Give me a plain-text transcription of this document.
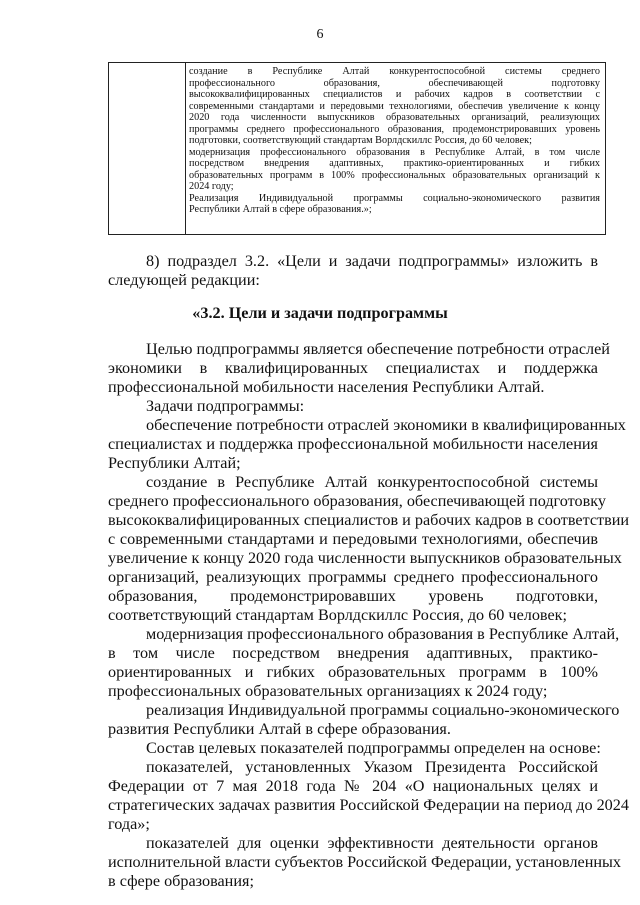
6
создание в Республике Алтай конкурентоспособной системы среднего
профессионального образования, обеспечивающей подготовку
высококвалифицированных специалистов и рабочих кадров в соответствии с
современными стандартами и передовыми технологиями, обеспечив увеличение к концу
2020 года численности выпускников образовательных организаций, реализующих
программы среднего профессионального образования, продемонстрировавших уровень
подготовки, соответствующий стандартам Ворлдскиллс Россия, до 60 человек;
модернизация профессионального образования в Республике Алтай, в том числе
посредством внедрения адаптивных, практико-ориентированных и гибких
образовательных программ в 100% профессиональных образовательных организаций к
2024 году;
Реализация Индивидуальной программы социально-экономического развития
Республики Алтай в сфере образования.»;
8) подраздел 3.2. «Цели и задачи подпрограммы» изложить в
следующей редакции:
«3.2. Цели и задачи подпрограммы
Целью подпрограммы является обеспечение потребности отраслей
экономики в квалифицированных специалистах и поддержка
профессиональной мобильности населения Республики Алтай.
Задачи подпрограммы:
обеспечение потребности отраслей экономики в квалифицированных
специалистах и поддержка профессиональной мобильности населения
Республики Алтай;
создание в Республике Алтай конкурентоспособной системы
среднего профессионального образования, обеспечивающей подготовку
высококвалифицированных специалистов и рабочих кадров в соответствии
с современными стандартами и передовыми технологиями, обеспечив
увеличение к концу 2020 года численности выпускников образовательных
организаций, реализующих программы среднего профессионального
образования, продемонстрировавших уровень подготовки,
соответствующий стандартам Ворлдскиллс Россия, до 60 человек;
модернизация профессионального образования в Республике Алтай,
в том числе посредством внедрения адаптивных, практико-
ориентированных и гибких образовательных программ в 100%
профессиональных образовательных организациях к 2024 году;
реализация Индивидуальной программы социально-экономического
развития Республики Алтай в сфере образования.
Состав целевых показателей подпрограммы определен на основе:
показателей, установленных Указом Президента Российской
Федерации от 7 мая 2018 года № 204 «О национальных целях и
стратегических задачах развития Российской Федерации на период до 2024
года»;
показателей для оценки эффективности деятельности органов
исполнительной власти субъектов Российской Федерации, установленных
в сфере образования;
